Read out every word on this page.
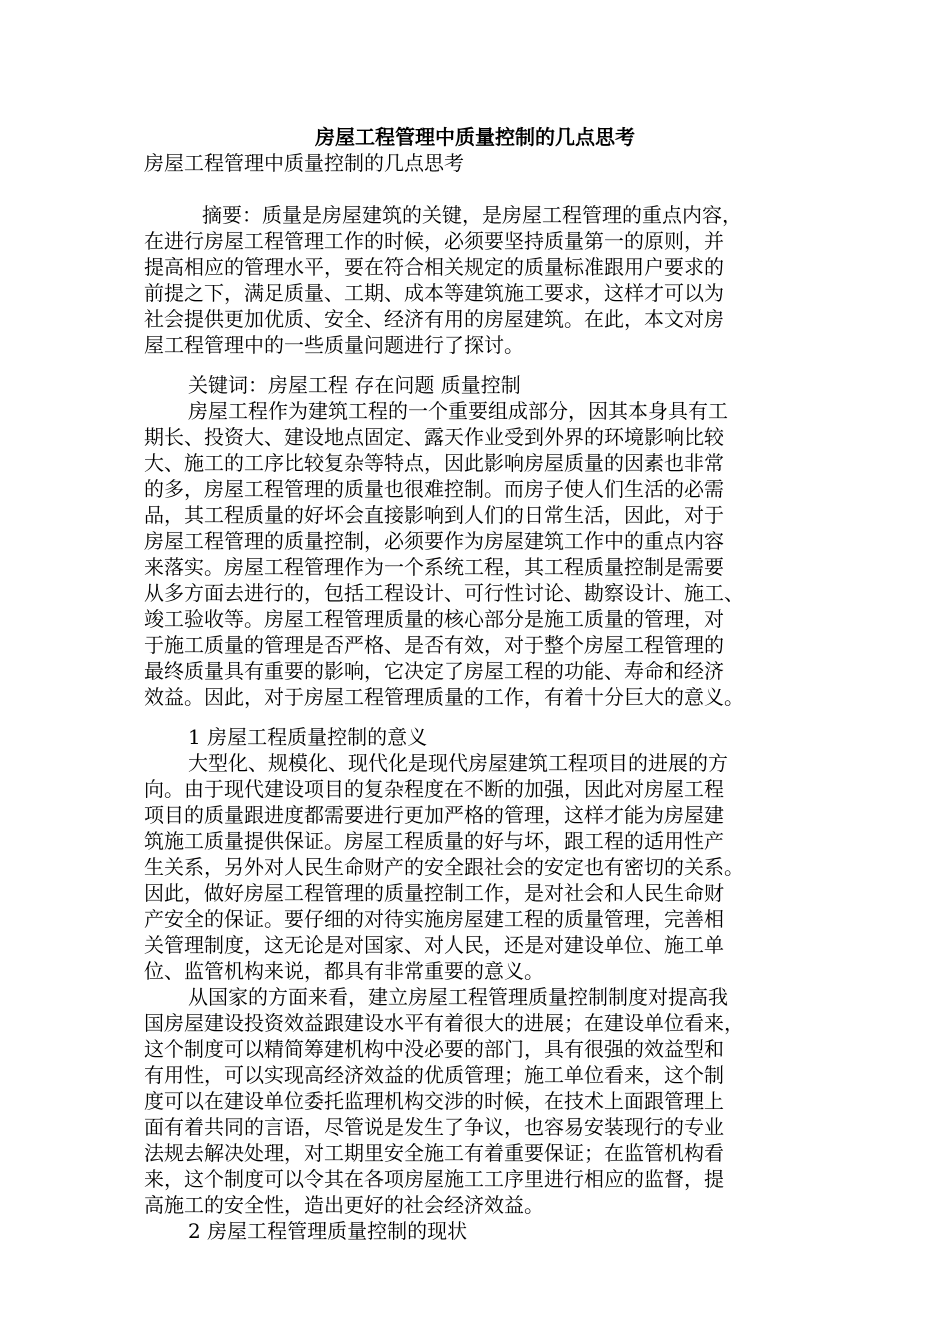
房屋工程管理中质量控制的几点思考
房屋工程管理中质量控制的几点思考
摘要：质量是房屋建筑的关键，是房屋工程管理的重点内容，
在进行房屋工程管理工作的时候，必须要坚持质量第一的原则，并
提高相应的管理水平，要在符合相关规定的质量标准跟用户要求的
前提之下，满足质量、工期、成本等建筑施工要求，这样才可以为
社会提供更加优质、安全、经济有用的房屋建筑。在此，本文对房
屋工程管理中的一些质量问题进行了探讨。
关键词：房屋工程 存在问题 质量控制
房屋工程作为建筑工程的一个重要组成部分，因其本身具有工
期长、投资大、建设地点固定、露天作业受到外界的环境影响比较
大、施工的工序比较复杂等特点，因此影响房屋质量的因素也非常
的多，房屋工程管理的质量也很难控制。而房子使人们生活的必需
品，其工程质量的好坏会直接影响到人们的日常生活，因此，对于
房屋工程管理的质量控制，必须要作为房屋建筑工作中的重点内容
来落实。房屋工程管理作为一个系统工程，其工程质量控制是需要
从多方面去进行的，包括工程设计、可行性讨论、勘察设计、施工、
竣工验收等。房屋工程管理质量的核心部分是施工质量的管理，对
于施工质量的管理是否严格、是否有效，对于整个房屋工程管理的
最终质量具有重要的影响，它决定了房屋工程的功能、寿命和经济
效益。因此，对于房屋工程管理质量的工作，有着十分巨大的意义。
1 房屋工程质量控制的意义
大型化、规模化、现代化是现代房屋建筑工程项目的进展的方
向。由于现代建设项目的复杂程度在不断的加强，因此对房屋工程
项目的质量跟进度都需要进行更加严格的管理，这样才能为房屋建
筑施工质量提供保证。房屋工程质量的好与坏，跟工程的适用性产
生关系，另外对人民生命财产的安全跟社会的安定也有密切的关系。
因此，做好房屋工程管理的质量控制工作，是对社会和人民生命财
产安全的保证。要仔细的对待实施房屋建工程的质量管理，完善相
关管理制度，这无论是对国家、对人民，还是对建设单位、施工单
位、监管机构来说，都具有非常重要的意义。
从国家的方面来看，建立房屋工程管理质量控制制度对提高我
国房屋建设投资效益跟建设水平有着很大的进展；在建设单位看来，
这个制度可以精简筹建机构中没必要的部门，具有很强的效益型和
有用性，可以实现高经济效益的优质管理；施工单位看来，这个制
度可以在建设单位委托监理机构交涉的时候，在技术上面跟管理上
面有着共同的言语，尽管说是发生了争议，也容易安装现行的专业
法规去解决处理，对工期里安全施工有着重要保证；在监管机构看
来，这个制度可以令其在各项房屋施工工序里进行相应的监督，提
高施工的安全性，造出更好的社会经济效益。
2 房屋工程管理质量控制的现状
